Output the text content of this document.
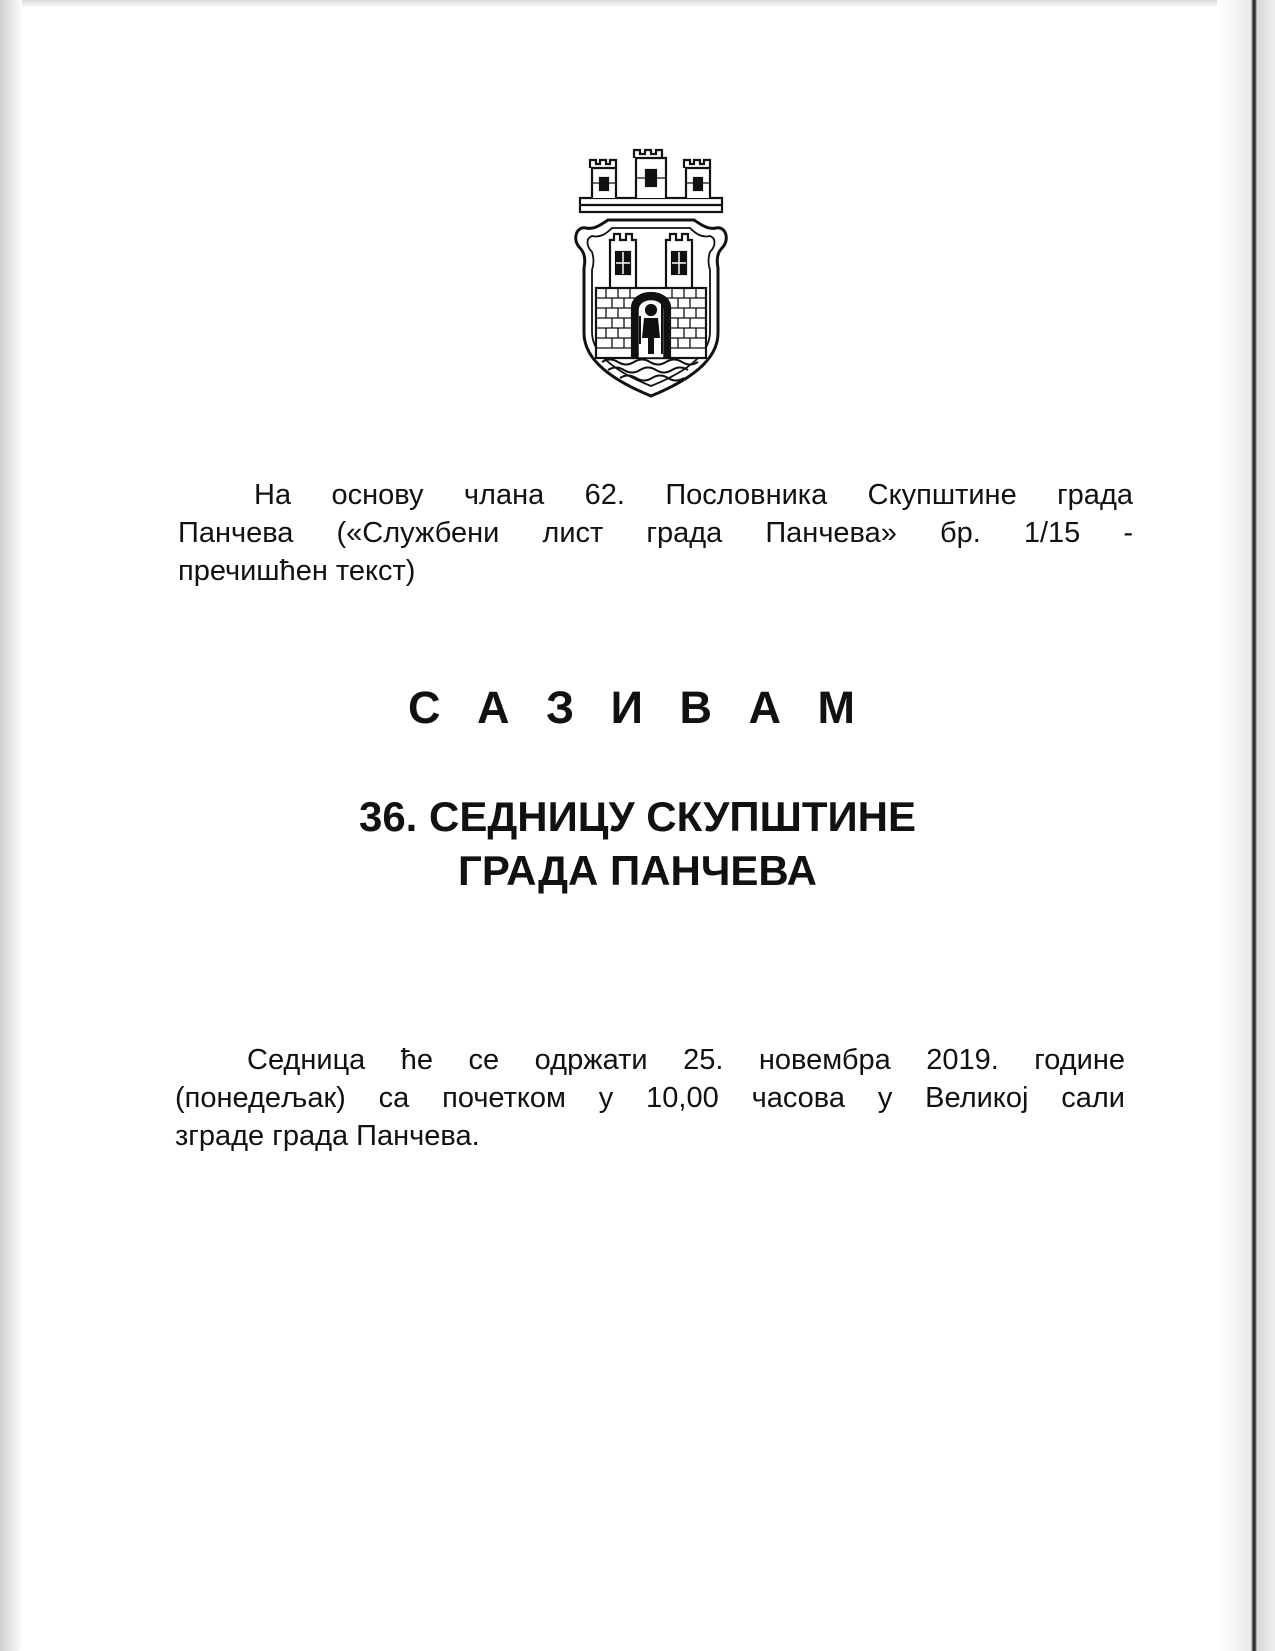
На основу члана 62. Пословника Скупштине града
Панчева («Службени лист града Панчева» бр. 1/15 -
пречишћен текст)
С А З И В А М
36. СЕДНИЦУ СКУПШТИНЕ
ГРАДА ПАНЧЕВА
Седница ће се одржати 25. новембра 2019. године
(понедељак) са почетком у 10,00 часова у Великој сали
зграде града Панчева.
